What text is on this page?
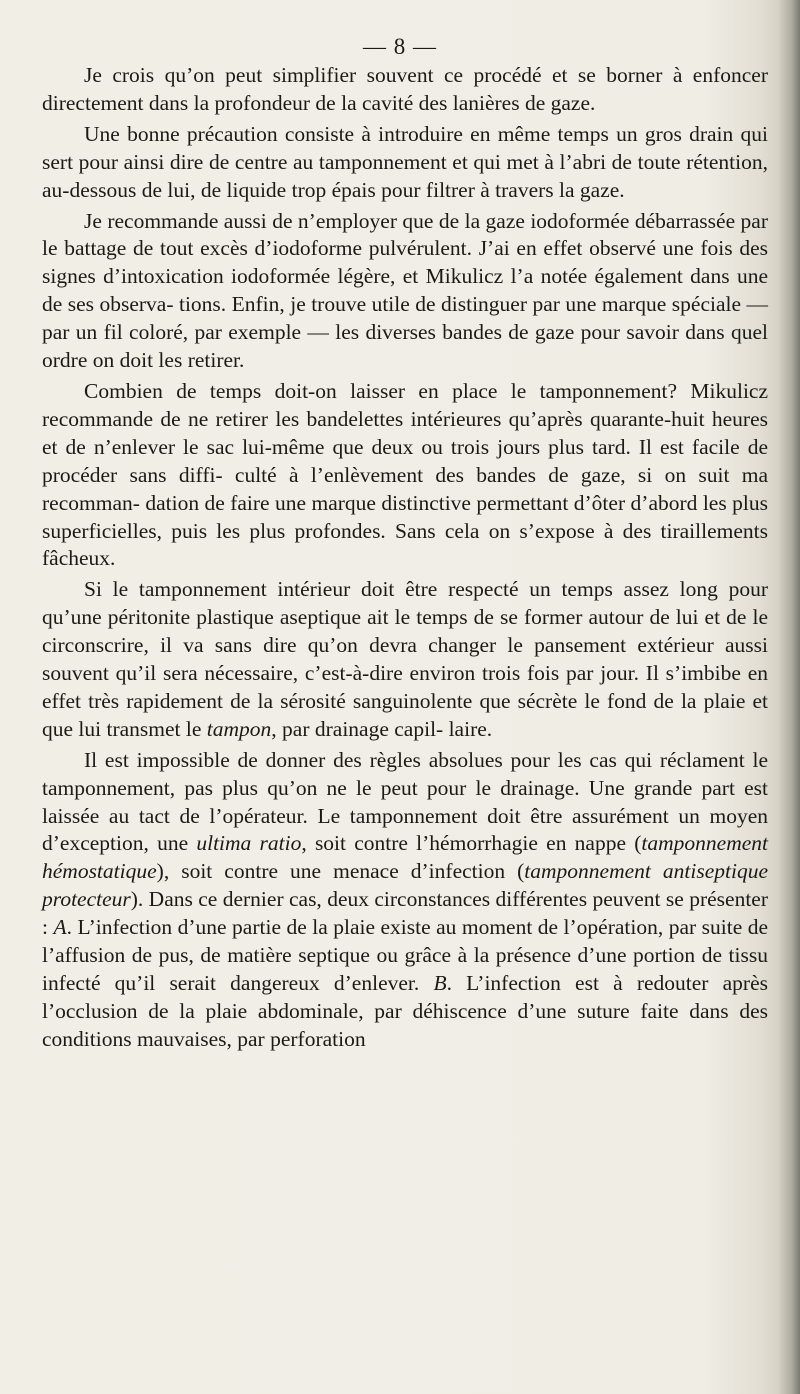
— 8 —

Je crois qu’on peut simplifier souvent ce procédé et se borner à enfoncer directement dans la profondeur de la cavité des lanières de gaze.

Une bonne précaution consiste à introduire en même temps un gros drain qui sert pour ainsi dire de centre au tamponnement et qui met à l’abri de toute rétention, au-dessous de lui, de liquide trop épais pour filtrer à travers la gaze.

Je recommande aussi de n’employer que de la gaze iodoformée débarrassée par le battage de tout excès d’iodoforme pulvérulent. J’ai en effet observé une fois des signes d’intoxication iodoformée légère, et Mikulicz l’a notée également dans une de ses observa- tions. Enfin, je trouve utile de distinguer par une marque spéciale — par un fil coloré, par exemple — les diverses bandes de gaze pour savoir dans quel ordre on doit les retirer.

Combien de temps doit-on laisser en place le tamponnement? Mikulicz recommande de ne retirer les bandelettes intérieures qu’après quarante-huit heures et de n’enlever le sac lui-même que deux ou trois jours plus tard. Il est facile de procéder sans diffi- culté à l’enlèvement des bandes de gaze, si on suit ma recomman- dation de faire une marque distinctive permettant d’ôter d’abord les plus superficielles, puis les plus profondes. Sans cela on s’expose à des tiraillements fâcheux.

Si le tamponnement intérieur doit être respecté un temps assez long pour qu’une péritonite plastique aseptique ait le temps de se former autour de lui et de le circonscrire, il va sans dire qu’on devra changer le pansement extérieur aussi souvent qu’il sera nécessaire, c’est-à-dire environ trois fois par jour. Il s’imbibe en effet très rapidement de la sérosité sanguinolente que sécrète le fond de la plaie et que lui transmet le tampon, par drainage capil- laire.

Il est impossible de donner des règles absolues pour les cas qui réclament le tamponnement, pas plus qu’on ne le peut pour le drainage. Une grande part est laissée au tact de l’opérateur. Le tamponnement doit être assurément un moyen d’exception, une ultima ratio, soit contre l’hémorrhagie en nappe (tamponnement hémostatique), soit contre une menace d’infection (tamponnement antiseptique protecteur). Dans ce dernier cas, deux circonstances différentes peuvent se présenter : A. L’infection d’une partie de la plaie existe au moment de l’opération, par suite de l’affusion de pus, de matière septique ou grâce à la présence d’une portion de tissu infecté qu’il serait dangereux d’enlever. B. L’infection est à redouter après l’occlusion de la plaie abdominale, par déhiscence d’une suture faite dans des conditions mauvaises, par perforation
